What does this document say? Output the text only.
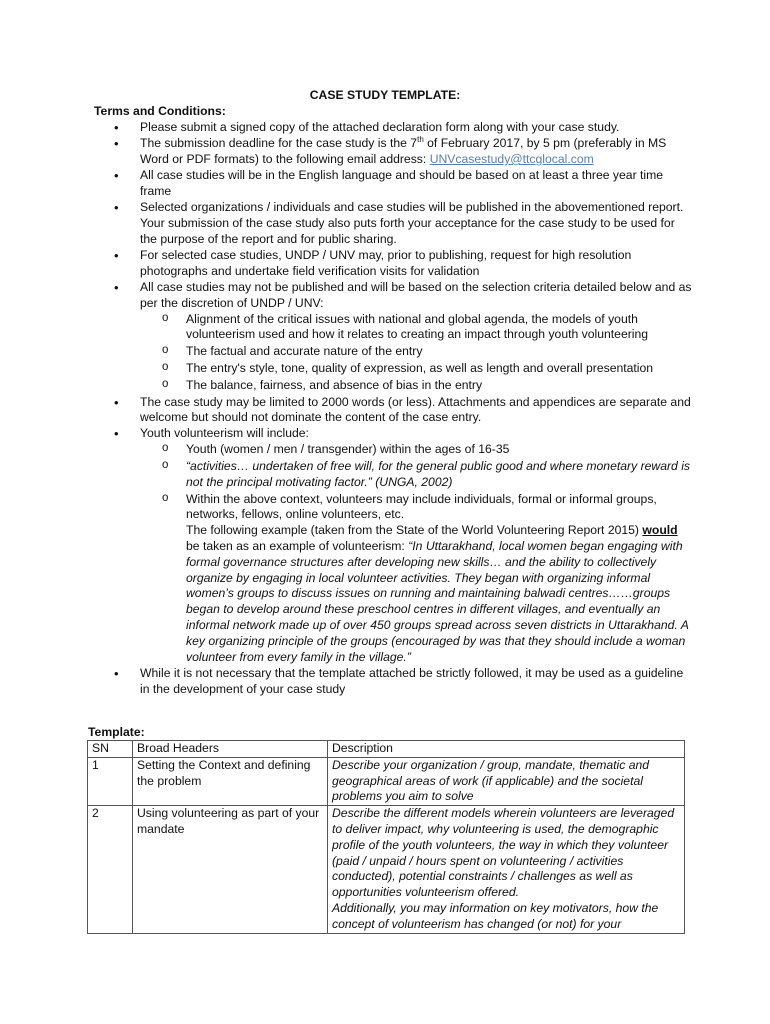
CASE STUDY TEMPLATE:
Terms and Conditions:
• Please submit a signed copy of the attached declaration form along with your case study.
• The submission deadline for the case study is the 7th of February 2017, by 5 pm (preferably in MS Word or PDF formats) to the following email address: UNVcasestudy@ttcglocal.com
• All case studies will be in the English language and should be based on at least a three year time frame
• Selected organizations / individuals and case studies will be published in the abovementioned report. Your submission of the case study also puts forth your acceptance for the case study to be used for the purpose of the report and for public sharing.
• For selected case studies, UNDP / UNV may, prior to publishing, request for high resolution photographs and undertake field verification visits for validation
• All case studies may not be published and will be based on the selection criteria detailed below and as per the discretion of UNDP / UNV:
o Alignment of the critical issues with national and global agenda, the models of youth volunteerism used and how it relates to creating an impact through youth volunteering
o The factual and accurate nature of the entry
o The entry's style, tone, quality of expression, as well as length and overall presentation
o The balance, fairness, and absence of bias in the entry
• The case study may be limited to 2000 words (or less). Attachments and appendices are separate and welcome but should not dominate the content of the case entry.
• Youth volunteerism will include:
o Youth (women / men / transgender) within the ages of 16-35
o “activities… undertaken of free will, for the general public good and where monetary reward is not the principal motivating factor.” (UNGA, 2002)
o Within the above context, volunteers may include individuals, formal or informal groups, networks, fellows, online volunteers, etc.
The following example (taken from the State of the World Volunteering Report 2015) would be taken as an example of volunteerism: “In Uttarakhand, local women began engaging with formal governance structures after developing new skills… and the ability to collectively organize by engaging in local volunteer activities. They began with organizing informal women’s groups to discuss issues on running and maintaining balwadi centres……groups began to develop around these preschool centres in different villages, and eventually an informal network made up of over 450 groups spread across seven districts in Uttarakhand. A key organizing principle of the groups (encouraged by was that they should include a woman volunteer from every family in the village.”
• While it is not necessary that the template attached be strictly followed, it may be used as a guideline in the development of your case study
Template:
SN	Broad Headers	Description
1	Setting the Context and defining the problem	Describe your organization / group, mandate, thematic and geographical areas of work (if applicable) and the societal problems you aim to solve
2	Using volunteering as part of your mandate	Describe the different models wherein volunteers are leveraged to deliver impact, why volunteering is used, the demographic profile of the youth volunteers, the way in which they volunteer (paid / unpaid / hours spent on volunteering / activities conducted), potential constraints / challenges as well as opportunities volunteerism offered.
Additionally, you may information on key motivators, how the concept of volunteerism has changed (or not) for your
